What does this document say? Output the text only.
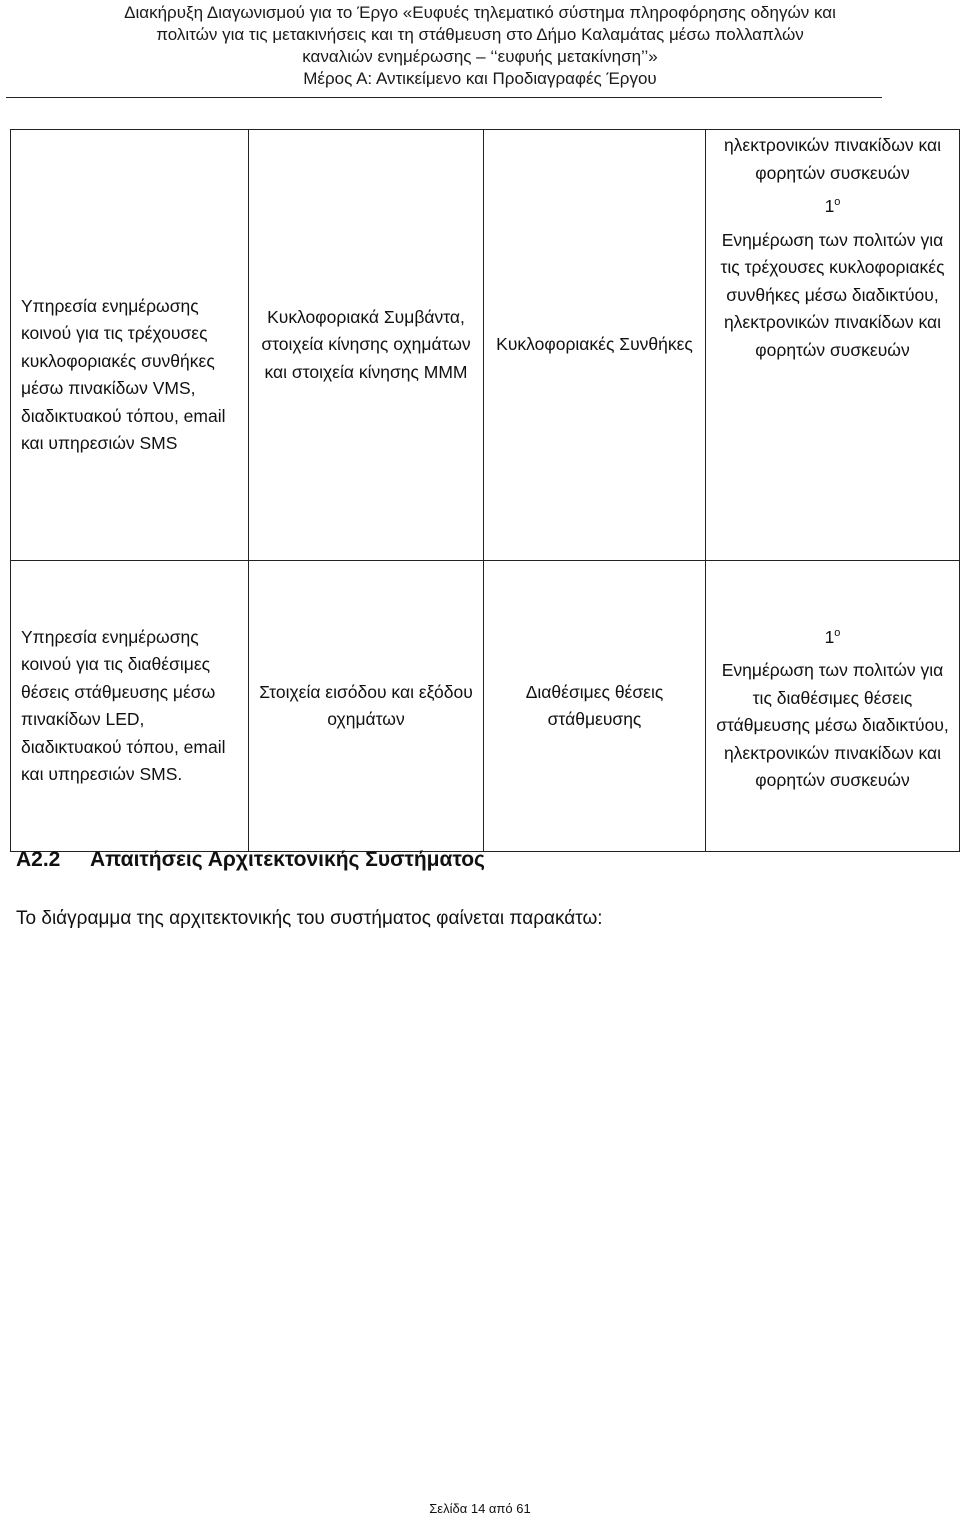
Διακήρυξη Διαγωνισμού για το Έργο «Ευφυές τηλεματικό σύστημα πληροφόρησης οδηγών και
πολιτών για τις μετακινήσεις και τη στάθμευση στο Δήμο Καλαμάτας μέσω πολλαπλών
καναλιών ενημέρωσης – ‘‘ευφυής μετακίνηση’’»
Μέρος Α: Αντικείμενο και Προδιαγραφές Έργου
Υπηρεσία ενημέρωσης κοινού για τις τρέχουσες κυκλοφοριακές συνθήκες μέσω πινακίδων VMS, διαδικτυακού τόπου, email και υπηρεσιών SMS	Κυκλοφοριακά Συμβάντα, στοιχεία κίνησης οχημάτων και στοιχεία κίνησης ΜΜΜ	Κυκλοφοριακές Συνθήκες	ηλεκτρονικών πινακίδων και φορητών συσκευών
$1^o$
Ενημέρωση των πολιτών για τις τρέχουσες κυκλοφοριακές συνθήκες μέσω διαδικτύου, ηλεκτρονικών πινακίδων και φορητών συσκευών

Υπηρεσία ενημέρωσης κοινού για τις διαθέσιμες θέσεις στάθμευσης μέσω πινακίδων LED, διαδικτυακού τόπου, email και υπηρεσιών SMS.	Στοιχεία εισόδου και εξόδου οχημάτων	Διαθέσιμες θέσεις στάθμευσης	$1^o$
Ενημέρωση των πολιτών για τις διαθέσιμες θέσεις στάθμευσης μέσω διαδικτύου, ηλεκτρονικών πινακίδων και φορητών συσκευών
Α2.2 Απαιτήσεις Αρχιτεκτονικής Συστήματος
Το διάγραμμα της αρχιτεκτονικής του συστήματος φαίνεται παρακάτω:
Σελίδα 14 από 61
